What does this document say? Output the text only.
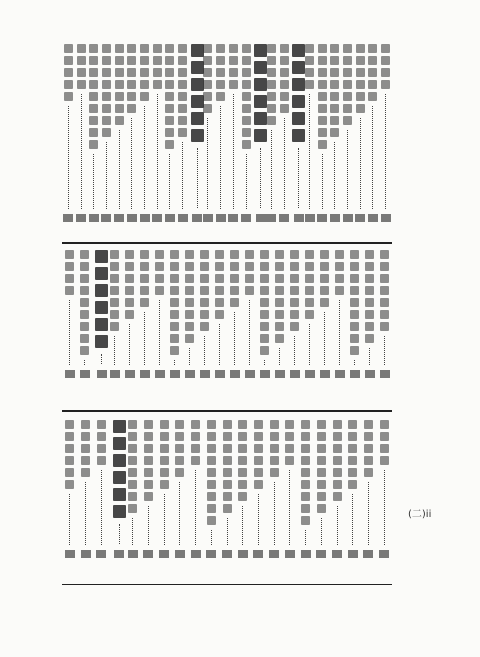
(二)ii
